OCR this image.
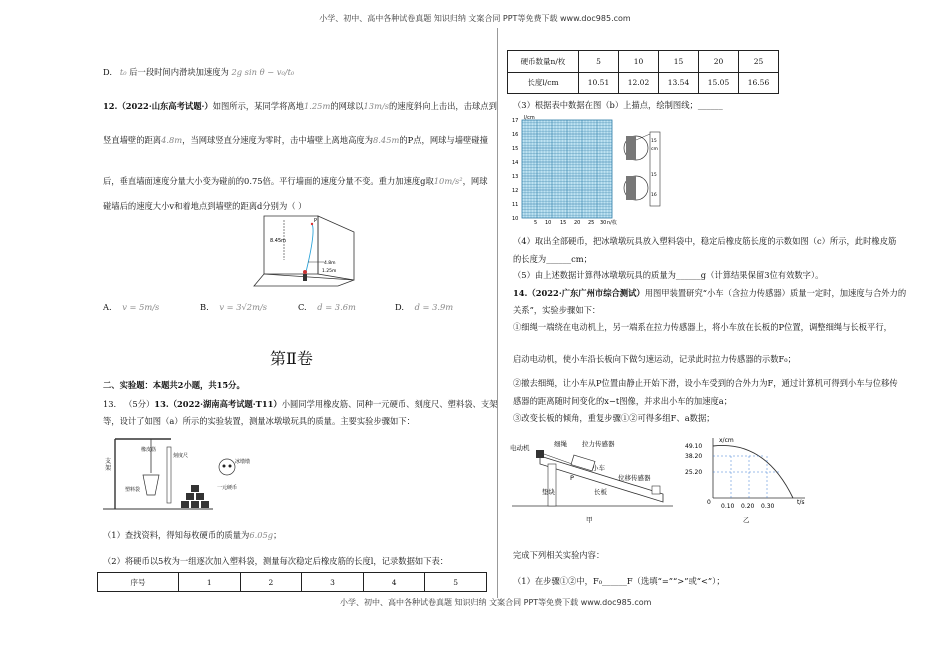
小学、初中、高中各种试卷真题 知识归纳 文案合同 PPT等免费下载 www.doc985.com
D. t₀ 后一段时间内滑块加速度为 2g sin θ − v₀/t₀
12.（2022·山东高考试题·）如图所示，某同学将离地1.25m的网球以13m/s的速度斜向上击出，击球点到
竖直墙壁的距离4.8m，当网球竖直分速度为零时，击中墙壁上离地高度为8.45m的P点，网球与墙壁碰撞
后，垂直墙面速度分量大小变为碰前的0.75倍。平行墙面的速度分量不变。重力加速度g取10m/s²，网球
碰墙后的速度大小v和着地点到墙壁的距离d分别为（ ）
8.45m
P
4.8m
1.25m
A. v = 5m/s	B. v = 3√2m/s	C. d = 3.6m	D. d = 3.9m
第Ⅱ卷
二、实验题：本题共2小题，共15分。
13. （5分）13.（2022·湖南高考试题·T11）小圆同学用橡皮筋、同种一元硬币、刻度尺、塑料袋、支架
等，设计了如图（a）所示的实验装置，测量冰墩墩玩具的质量。主要实验步骤如下：
支架
橡皮筋
塑料袋
刻度尺
冰墩墩
一元硬币
（1）查找资料，得知每枚硬币的质量为6.05g；
（2）将硬币以5枚为一组逐次加入塑料袋，测量每次稳定后橡皮筋的长度l，记录数据如下表：
序号	1	2	3	4	5
硬币数量n/枚	5	10	15	20	25
长度l/cm	10.51	12.02	13.54	15.05	16.56
（3）根据表中数据在图（b）上描点，绘制图线；______
l/cm
n/枚
10
11
12
13
14
15
16
17
5 10 15 20 25 30
15
cm
15
16
（4）取出全部硬币，把冰墩墩玩具放入塑料袋中，稳定后橡皮筋长度的示数如图（c）所示，此时橡皮筋
的长度为______cm；
（5）由上述数据计算得冰墩墩玩具的质量为______g（计算结果保留3位有效数字）。
14.（2022·广东广州市综合测试）用图甲装置研究“小车（含拉力传感器）质量一定时，加速度与合外力的
关系”，实验步骤如下：
①细绳一端绕在电动机上，另一端系在拉力传感器上，将小车放在长板的P位置，调整细绳与长板平行，
启动电动机，使小车沿长板向下做匀速运动，记录此时拉力传感器的示数F₀；
②撤去细绳，让小车从P位置由静止开始下滑，设小车受到的合外力为F，通过计算机可得到小车与位移传
感器的距离随时间变化的x−t图像，并求出小车的加速度a；
③改变长板的倾角，重复步骤①②可得多组F、a数据；
电动机	细绳 拉力传感器
小车
P
垫块	长板
位移传感器
甲
x/cm
t/s
0
49.10
38.20
25.20
0.10 0.20 0.30
乙
完成下列相关实验内容：
（1）在步骤①②中，F₀______F（选填“=”“>”或“<”）；
小学、初中、高中各种试卷真题 知识归纳 文案合同 PPT等免费下载 www.doc985.com
